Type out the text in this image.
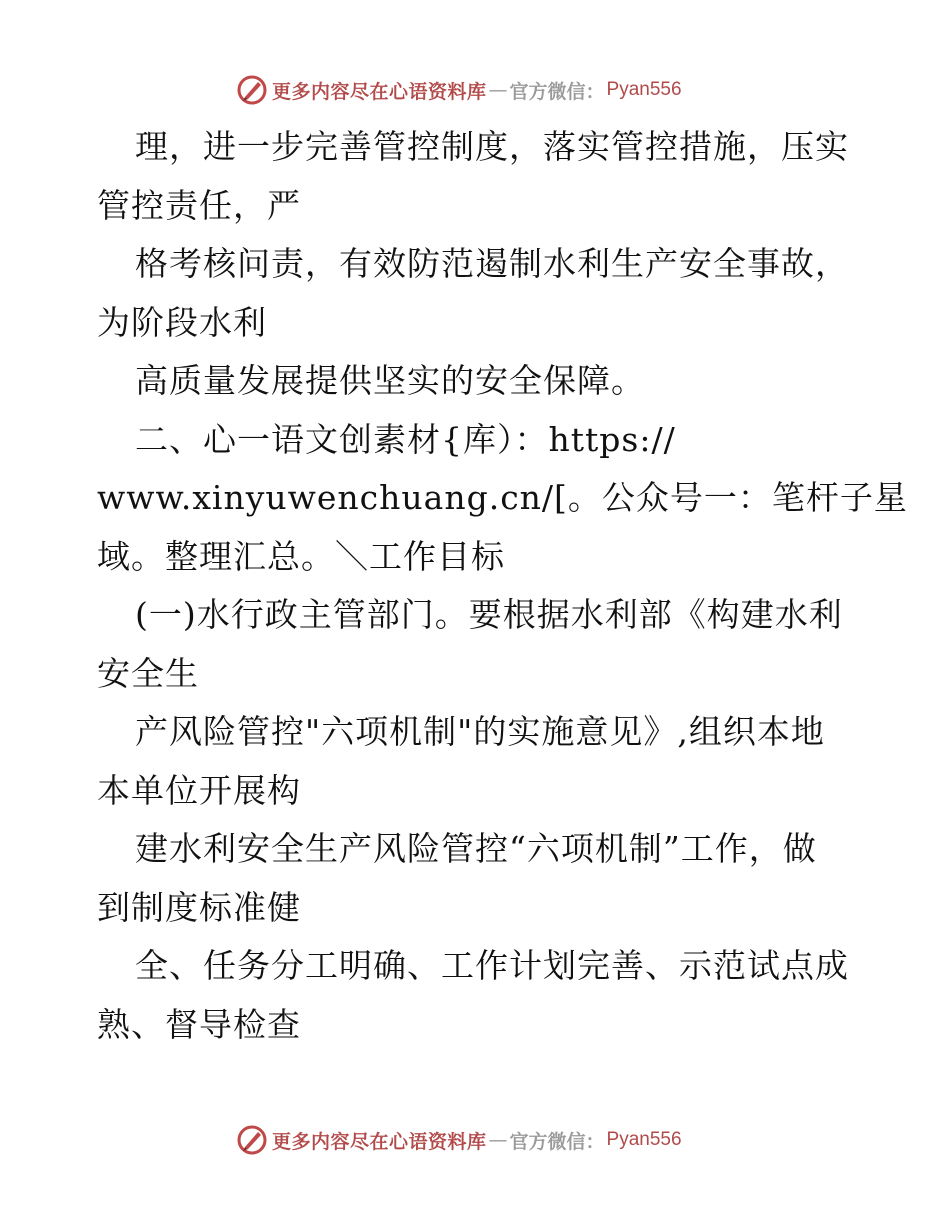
更多内容尽在心语资料库 — 官方微信： Pyan556
理，进一步完善管控制度，落实管控措施，压实
管控责任，严
格考核问责，有效防范遏制水利生产安全事故，
为阶段水利
高质量发展提供坚实的安全保障。
二、心一语文创素材{库）：https://
www.xinyuwenchuang.cn/[。公众号一：笔杆子星
域。整理汇总。＼工作目标
(一)水行政主管部门。要根据水利部《构建水利
安全生
产风险管控"六项机制"的实施意见》,组织本地
本单位开展构
建水利安全生产风险管控“六项机制”工作，做
到制度标准健
全、任务分工明确、工作计划完善、示范试点成
熟、督导检查
更多内容尽在心语资料库 — 官方微信： Pyan556
